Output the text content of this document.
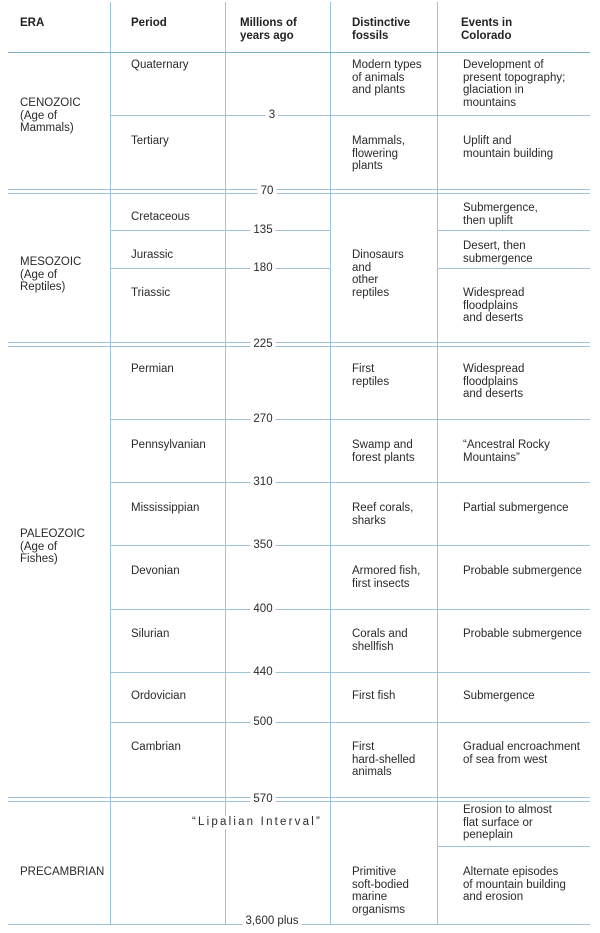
ERA	Period	Millions of
years ago
Distinctive
fossils
Events in
Colorado
CENOZOIC
(Age of
Mammals)
MESOZOIC
(Age of
Reptiles)
PALEOZOIC
(Age of
Fishes)
PRECAMBRIAN
Quaternary
Tertiary
Cretaceous
Jurassic
Triassic
Permian
Pennsylvanian
Mississippian
Devonian
Silurian
Ordovician
Cambrian
“Lipalian Interval”
3
70
135
180
225
270
310
350
400
440
500
570
3,600 plus
Modern types
of animals
and plants
Mammals,
flowering
plants
Dinosaurs
and
other
reptiles
First
reptiles
Swamp and
forest plants
Reef corals,
sharks
Armored fish,
first insects
Corals and
shellfish
First fish
First
hard-shelled
animals
Primitive
soft-bodied
marine
organisms
Development of
present topography;
glaciation in
mountains
Uplift and
mountain building
Submergence,
then uplift
Desert, then
submergence
Widespread
floodplains
and deserts
Widespread
floodplains
and deserts
“Ancestral Rocky
Mountains”
Partial submergence
Probable submergence
Probable submergence
Submergence
Gradual encroachment
of sea from west
Erosion to almost
flat surface or
peneplain
Alternate episodes
of mountain building
and erosion
